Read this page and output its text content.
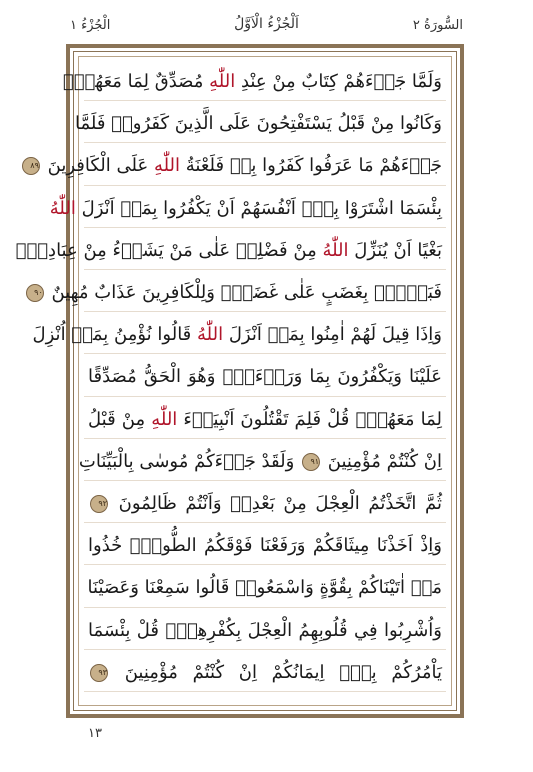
الْجُزْءُ ١	اَلْجُزْءُ الْاَوَّلُ	السُّورَةُ ٢
وَلَمَّا جَاۤءَهُمْ كِتَابٌ مِنْ عِنْدِ اللّٰهِ مُصَدِّقٌ لِمَا مَعَهُمْۙ
وَكَانُوا مِنْ قَبْلُ يَسْتَفْتِحُونَ عَلَى الَّذِينَ كَفَرُواۚ فَلَمَّا
جَاۤءَهُمْ مَا عَرَفُوا كَفَرُوا بِهٖ فَلَعْنَةُ اللّٰهِ عَلَى الْكَافِرِينَ ٨٩
بِئْسَمَا اشْتَرَوْا بِهٖۤ اَنْفُسَهُمْ اَنْ يَكْفُرُوا بِمَاۤ اَنْزَلَ اللّٰهُ
بَغْيًا اَنْ يُنَزِّلَ اللّٰهُ مِنْ فَضْلِهٖ عَلٰى مَنْ يَشَاۤءُ مِنْ عِبَادِهٖۚ
فَبَاۤؤُ۫ بِغَضَبٍ عَلٰى غَضَبٍۜ وَلِلْكَافِرِينَ عَذَابٌ مُهِينٌ ٩٠
وَاِذَا قِيلَ لَهُمْ اٰمِنُوا بِمَاۤ اَنْزَلَ اللّٰهُ قَالُوا نُؤْمِنُ بِمَاۤ اُنْزِلَ
عَلَيْنَا وَيَكْفُرُونَ بِمَا وَرَاۤءَهُۗ وَهُوَ الْحَقُّ مُصَدِّقًا
لِمَا مَعَهُمْۜ قُلْ فَلِمَ تَقْتُلُونَ اَنْبِيَاۤءَ اللّٰهِ مِنْ قَبْلُ
اِنْ كُنْتُمْ مُؤْمِنِينَ ٩١ وَلَقَدْ جَاۤءَكُمْ مُوسٰى بِالْبَيِّنَاتِ
ثُمَّ اتَّخَذْتُمُ الْعِجْلَ مِنْ بَعْدِهٖ وَاَنْتُمْ ظَالِمُونَ ٩٢
وَاِذْ اَخَذْنَا مِيثَاقَكُمْ وَرَفَعْنَا فَوْقَكُمُ الطُّورَۜ خُذُوا
مَاۤ اٰتَيْنَاكُمْ بِقُوَّةٍ وَاسْمَعُواۜ قَالُوا سَمِعْنَا وَعَصَيْنَا
وَاُشْرِبُوا فِي قُلُوبِهِمُ الْعِجْلَ بِكُفْرِهِمْۜ قُلْ بِئْسَمَا
يَاْمُرُكُمْ بِهٖۤ اِيمَانُكُمْ اِنْ كُنْتُمْ مُؤْمِنِينَ ٩٣
١٣
